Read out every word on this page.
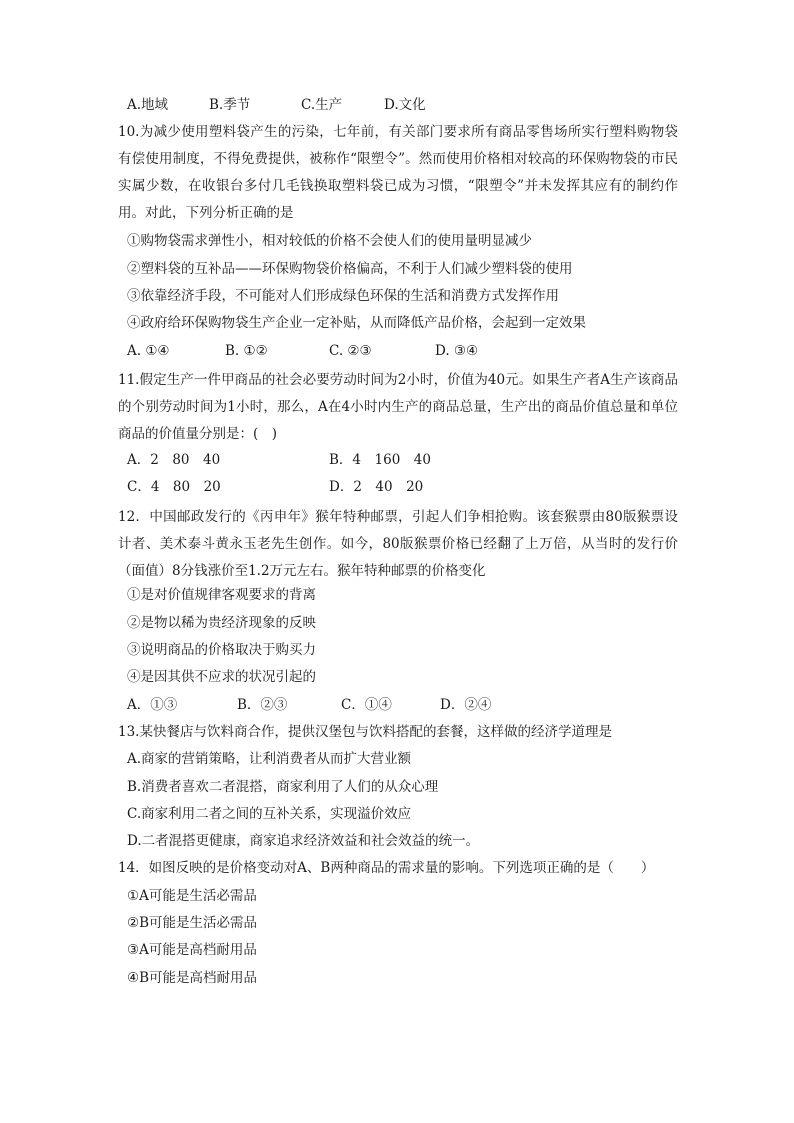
A.地域	B.季节	C.生产	D.文化
10.为减少使用塑料袋产生的污染，七年前，有关部门要求所有商品零售场所实行塑料购物袋有偿使用制度，不得免费提供，被称作“限塑令”。然而使用价格相对较高的环保购物袋的市民实属少数，在收银台多付几毛钱换取塑料袋已成为习惯，“限塑令”并未发挥其应有的制约作用。对此，下列分析正确的是
①购物袋需求弹性小，相对较低的价格不会使人们的使用量明显减少
②塑料袋的互补品——环保购物袋价格偏高，不利于人们减少塑料袋的使用
③依靠经济手段，不可能对人们形成绿色环保的生活和消费方式发挥作用
④政府给环保购物袋生产企业一定补贴，从而降低产品价格，会起到一定效果
A. ①④	B. ①②	C. ②③	D. ③④
11.假定生产一件甲商品的社会必要劳动时间为2小时，价值为40元。如果生产者A生产该商品的个别劳动时间为1小时，那么，A在4小时内生产的商品总量，生产出的商品价值总量和单位商品的价值量分别是：(　)
A．2　80　40	B．4　160　40
C．4　80　20	D．2　40　20
12．中国邮政发行的《丙申年》猴年特种邮票，引起人们争相抢购。该套猴票由80版猴票设计者、美术泰斗黄永玉老先生创作。如今，80版猴票价格已经翻了上万倍，从当时的发行价（面值）8分钱涨价至1.2万元左右。猴年特种邮票的价格变化
①是对价值规律客观要求的背离
②是物以稀为贵经济现象的反映
③说明商品的价格取决于购买力
④是因其供不应求的状况引起的
A．①③	B．②③	C．①④	D．②④
13.某快餐店与饮料商合作，提供汉堡包与饮料搭配的套餐，这样做的经济学道理是
A.商家的营销策略，让利消费者从而扩大营业额
B.消费者喜欢二者混搭，商家利用了人们的从众心理
C.商家利用二者之间的互补关系，实现溢价效应
D.二者混搭更健康，商家追求经济效益和社会效益的统一。
14．如图反映的是价格变动对A、B两种商品的需求量的影响。下列选项正确的是（　　）
①A可能是生活必需品
②B可能是生活必需品
③A可能是高档耐用品
④B可能是高档耐用品
